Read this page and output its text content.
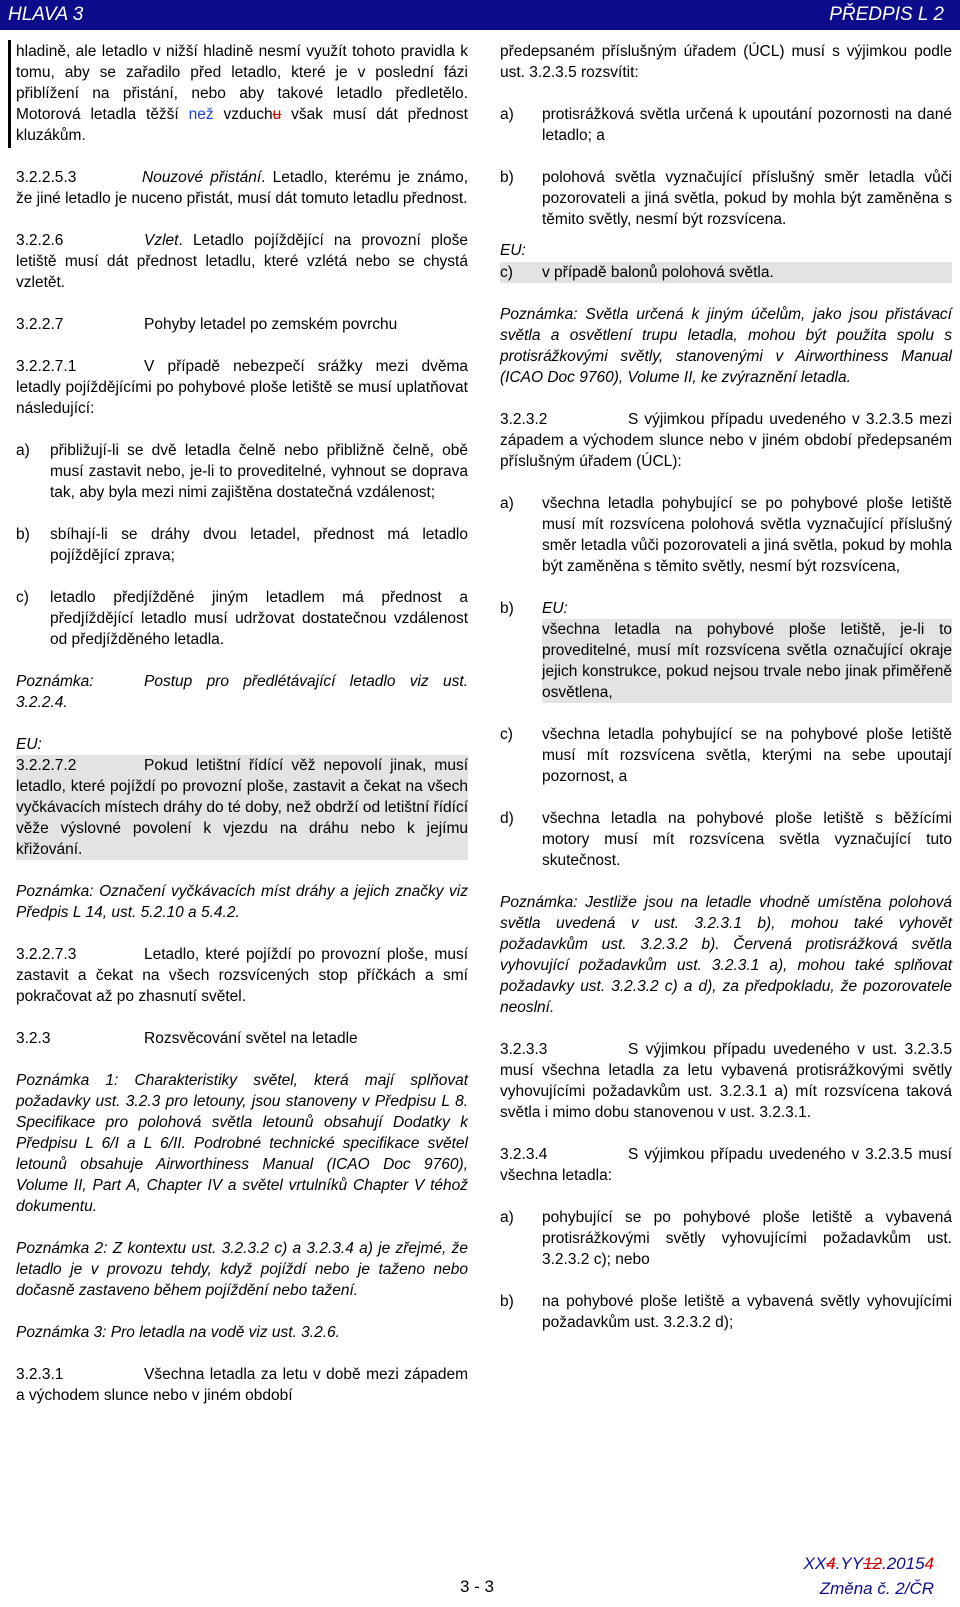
HLAVA 3	PŘEDPIS L 2

hladině, ale letadlo v nižší hladině nesmí využít tohoto pravidla k tomu, aby se zařadilo před letadlo, které je v poslední fázi přiblížení na přistání, nebo aby takové letadlo předletělo. Motorová letadla těžší než vzduchu však musí dát přednost kluzákům.

3.2.2.5.3	Nouzové přistání. Letadlo, kterému je známo, že jiné letadlo je nuceno přistát, musí dát tomuto letadlu přednost.

3.2.2.6	Vzlet. Letadlo pojíždějící na provozní ploše letiště musí dát přednost letadlu, které vzlétá nebo se chystá vzletět.

3.2.2.7	Pohyby letadel po zemském povrchu

3.2.2.7.1	V případě nebezpečí srážky mezi dvěma letadly pojíždějícími po pohybové ploše letiště se musí uplatňovat následující:

a)	přibližují-li se dvě letadla čelně nebo přibližně čelně, obě musí zastavit nebo, je-li to proveditelné, vyhnout se doprava tak, aby byla mezi nimi zajištěna dostatečná vzdálenost;
b)	sbíhají-li se dráhy dvou letadel, přednost má letadlo pojíždějící zprava;
c)	letadlo předjížděné jiným letadlem má přednost a předjíždějící letadlo musí udržovat dostatečnou vzdálenost od předjížděného letadla.

Poznámka:	Postup pro předlétávající letadlo viz ust. 3.2.2.4.

EU:

3.2.2.7.2	Pokud letištní řídící věž nepovolí jinak, musí letadlo, které pojíždí po provozní ploše, zastavit a čekat na všech vyčkávacích místech dráhy do té doby, než obdrží od letištní řídící věže výslovné povolení k vjezdu na dráhu nebo k jejímu křižování.

Poznámka: Označení vyčkávacích míst dráhy a jejich značky viz Předpis L 14, ust. 5.2.10 a 5.4.2.

3.2.2.7.3	Letadlo, které pojíždí po provozní ploše, musí zastavit a čekat na všech rozsvícených stop příčkách a smí pokračovat až po zhasnutí světel.

3.2.3	Rozsvěcování světel na letadle

Poznámka 1: Charakteristiky světel, která mají splňovat požadavky ust. 3.2.3 pro letouny, jsou stanoveny v Předpisu L 8. Specifikace pro polohová světla letounů obsahují Dodatky k Předpisu L 6/I a L 6/II. Podrobné technické specifikace světel letounů obsahuje Airworthiness Manual (ICAO Doc 9760), Volume II, Part A, Chapter IV a světel vrtulníků Chapter V téhož dokumentu.

Poznámka 2: Z kontextu ust. 3.2.3.2 c) a 3.2.3.4 a) je zřejmé, že letadlo je v provozu tehdy, když pojíždí nebo je taženo nebo dočasně zastaveno během pojíždění nebo tažení.

Poznámka 3: Pro letadla na vodě viz ust. 3.2.6.

3.2.3.1	Všechna letadla za letu v době mezi západem a východem slunce nebo v jiném období

předepsaném příslušným úřadem (ÚCL) musí s výjimkou podle ust. 3.2.3.5 rozsvítit:

a)	protisrážková světla určená k upoutání pozornosti na dané letadlo; a
b)	polohová světla vyznačující příslušný směr letadla vůči pozorovateli a jiná světla, pokud by mohla být zaměněna s těmito světly, nesmí být rozsvícena.

EU:

c)	v případě balonů polohová světla.

Poznámka: Světla určená k jiným účelům, jako jsou přistávací světla a osvětlení trupu letadla, mohou být použita spolu s protisrážkovými světly, stanovenými v Airworthiness Manual (ICAO Doc 9760), Volume II, ke zvýraznění letadla.

3.2.3.2	S výjimkou případu uvedeného v 3.2.3.5 mezi západem a východem slunce nebo v jiném období předepsaném příslušným úřadem (ÚCL):

a)	všechna letadla pohybující se po pohybové ploše letiště musí mít rozsvícena polohová světla vyznačující příslušný směr letadla vůči pozorovateli a jiná světla, pokud by mohla být zaměněna s těmito světly, nesmí být rozsvícena,
b)	EU:
všechna letadla na pohybové ploše letiště, je-li to proveditelné, musí mít rozsvícena světla označující okraje jejich konstrukce, pokud nejsou trvale nebo jinak přiměřeně osvětlena,
c)	všechna letadla pohybující se na pohybové ploše letiště musí mít rozsvícena světla, kterými na sebe upoutají pozornost, a
d)	všechna letadla na pohybové ploše letiště s běžícími motory musí mít rozsvícena světla vyznačující tuto skutečnost.

Poznámka: Jestliže jsou na letadle vhodně umístěna polohová světla uvedená v ust. 3.2.3.1 b), mohou také vyhovět požadavkům ust. 3.2.3.2 b). Červená protisrážková světla vyhovující požadavkům ust. 3.2.3.1 a), mohou také splňovat požadavky ust. 3.2.3.2 c) a d), za předpokladu, že pozorovatele neoslní.

3.2.3.3	S výjimkou případu uvedeného v ust. 3.2.3.5 musí všechna letadla za letu vybavená protisrážkovými světly vyhovujícími požadavkům ust. 3.2.3.1 a) mít rozsvícena taková světla i mimo dobu stanovenou v ust. 3.2.3.1.

3.2.3.4	S výjimkou případu uvedeného v 3.2.3.5 musí všechna letadla:

a)	pohybující se po pohybové ploše letiště a vybavená protisrážkovými světly vyhovujícími požadavkům ust. 3.2.3.2 c); nebo
b)	na pohybové ploše letiště a vybavená světly vyhovujícími požadavkům ust. 3.2.3.2 d);
3 - 3
XX4.YY12.20154
Změna č. 2/ČR
